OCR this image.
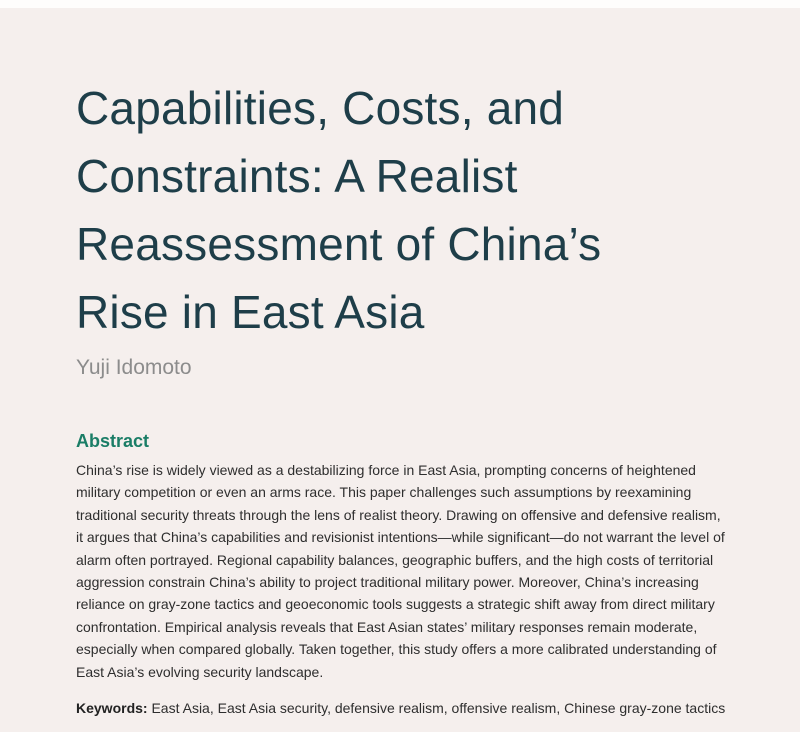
Capabilities, Costs, and Constraints: A Realist Reassessment of China’s Rise in East Asia
Yuji Idomoto
Abstract

China’s rise is widely viewed as a destabilizing force in East Asia, prompting concerns of heightened military competition or even an arms race. This paper challenges such assumptions by reexamining traditional security threats through the lens of realist theory. Drawing on offensive and defensive realism, it argues that China’s capabilities and revisionist intentions—while significant—do not warrant the level of alarm often portrayed. Regional capability balances, geographic buffers, and the high costs of territorial aggression constrain China’s ability to project traditional military power. Moreover, China’s increasing reliance on gray-zone tactics and geoeconomic tools suggests a strategic shift away from direct military confrontation. Empirical analysis reveals that East Asian states’ military responses remain moderate, especially when compared globally. Taken together, this study offers a more calibrated understanding of East Asia’s evolving security landscape.

Keywords: East Asia, East Asia security, defensive realism, offensive realism, Chinese gray-zone tactics
